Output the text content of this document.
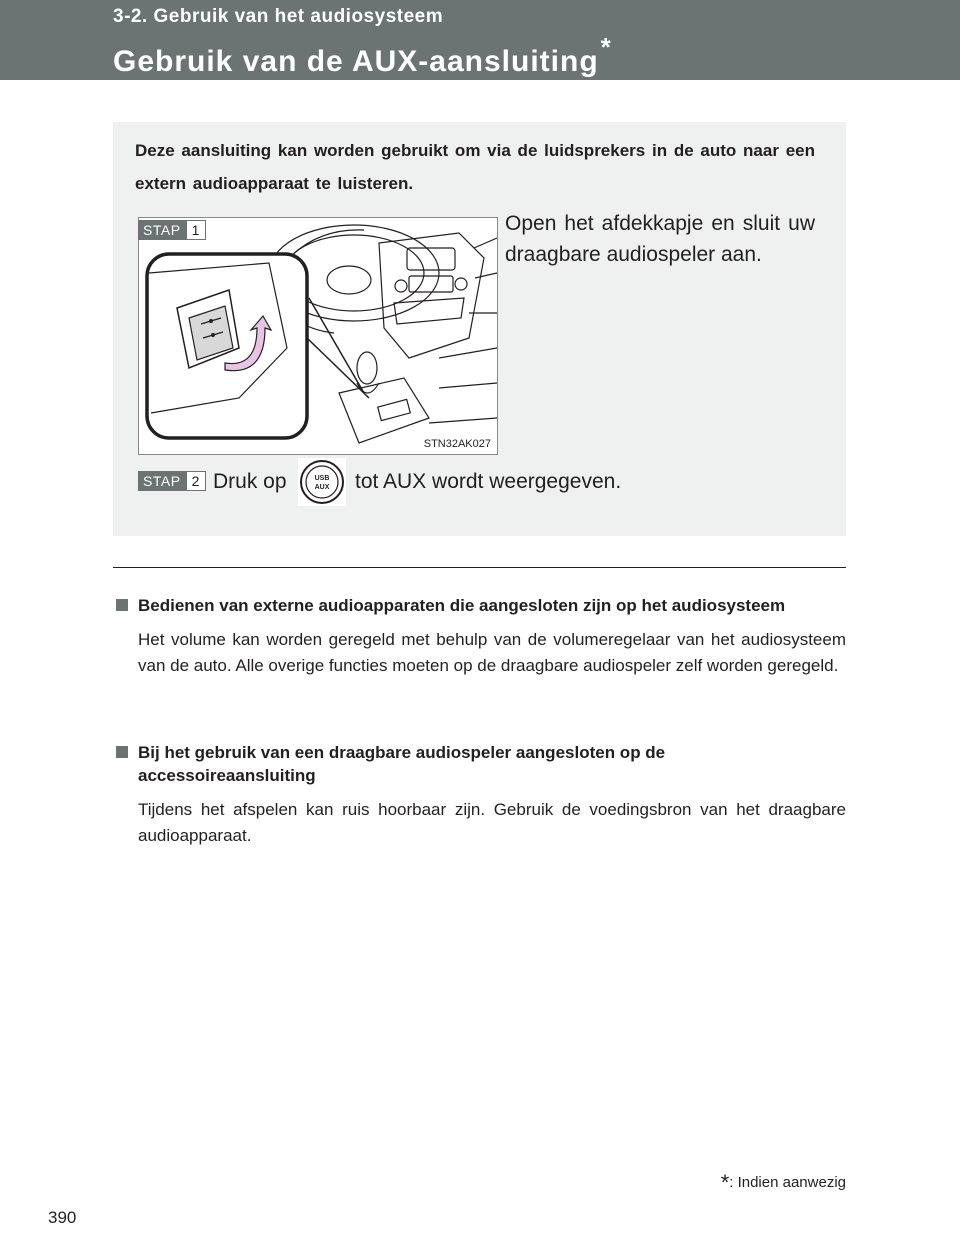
3-2. Gebruik van het audiosysteem
Gebruik van de AUX-aansluiting*
Deze aansluiting kan worden gebruikt om via de luidsprekers in de auto naar een extern audioapparaat te luisteren.
STAP 1
STN32AK027
Open het afdekkapje en sluit uw draagbare audiospeler aan.
STAP 2 Druk op	USB
AUX tot AUX wordt weergegeven.
Bedienen van externe audioapparaten die aangesloten zijn op het audiosysteem
Het volume kan worden geregeld met behulp van de volumeregelaar van het audiosysteem van de auto. Alle overige functies moeten op de draagbare audiospeler zelf worden geregeld.
Bij het gebruik van een draagbare audiospeler aangesloten op de accessoireaansluiting
Tijdens het afspelen kan ruis hoorbaar zijn. Gebruik de voedingsbron van het draagbare audioapparaat.
*: Indien aanwezig
390
